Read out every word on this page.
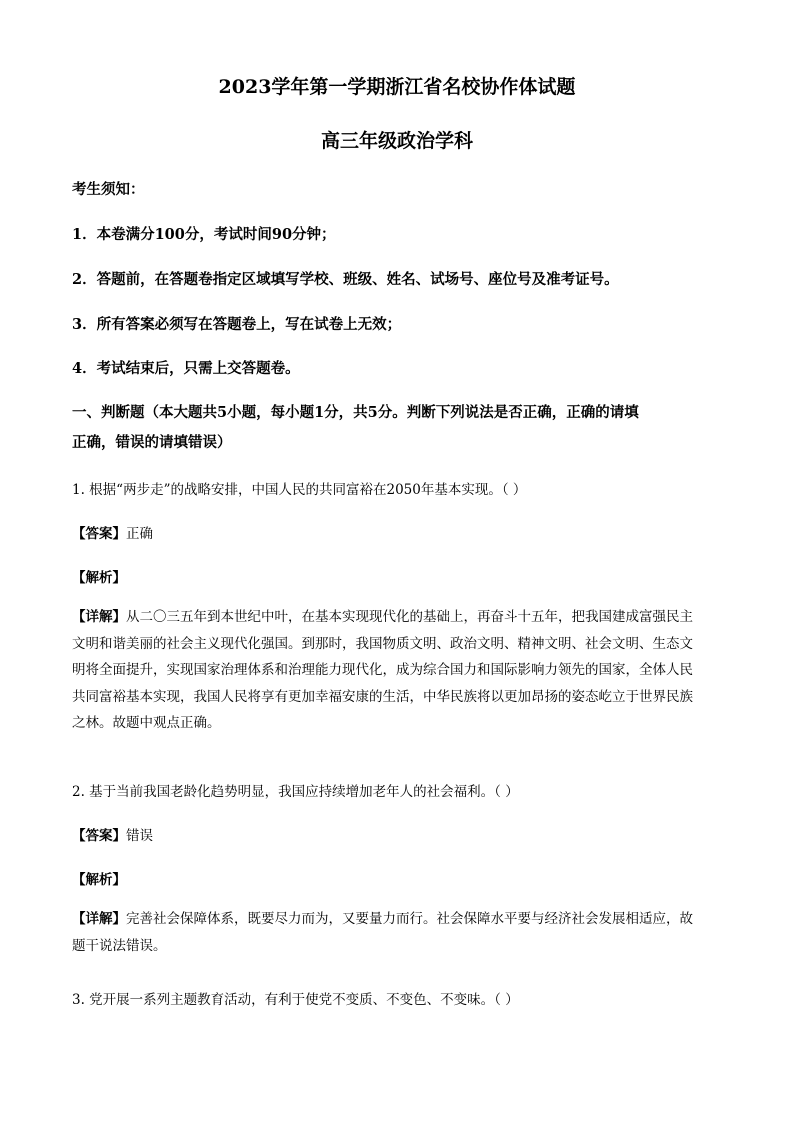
2023学年第一学期浙江省名校协作体试题
高三年级政治学科
考生须知：
1．本卷满分100分，考试时间90分钟；
2．答题前，在答题卷指定区域填写学校、班级、姓名、试场号、座位号及准考证号。
3．所有答案必须写在答题卷上，写在试卷上无效；
4．考试结束后，只需上交答题卷。
一、判断题（本大题共5小题，每小题1分，共5分。判断下列说法是否正确，正确的请填
正确，错误的请填错误）
1. 根据“两步走”的战略安排，中国人民的共同富裕在2050年基本实现。（ ）
【答案】正确
【解析】
【详解】从二〇三五年到本世纪中叶，在基本实现现代化的基础上，再奋斗十五年，把我国建成富强民主
文明和谐美丽的社会主义现代化强国。到那时，我国物质文明、政治文明、精神文明、社会文明、生态文
明将全面提升，实现国家治理体系和治理能力现代化，成为综合国力和国际影响力领先的国家，全体人民
共同富裕基本实现，我国人民将享有更加幸福安康的生活，中华民族将以更加昂扬的姿态屹立于世界民族
之林。故题中观点正确。
2. 基于当前我国老龄化趋势明显，我国应持续增加老年人的社会福利。（ ）
【答案】错误
【解析】
【详解】完善社会保障体系，既要尽力而为，又要量力而行。社会保障水平要与经济社会发展相适应，故
题干说法错误。
3. 党开展一系列主题教育活动，有利于使党不变质、不变色、不变味。（ ）
